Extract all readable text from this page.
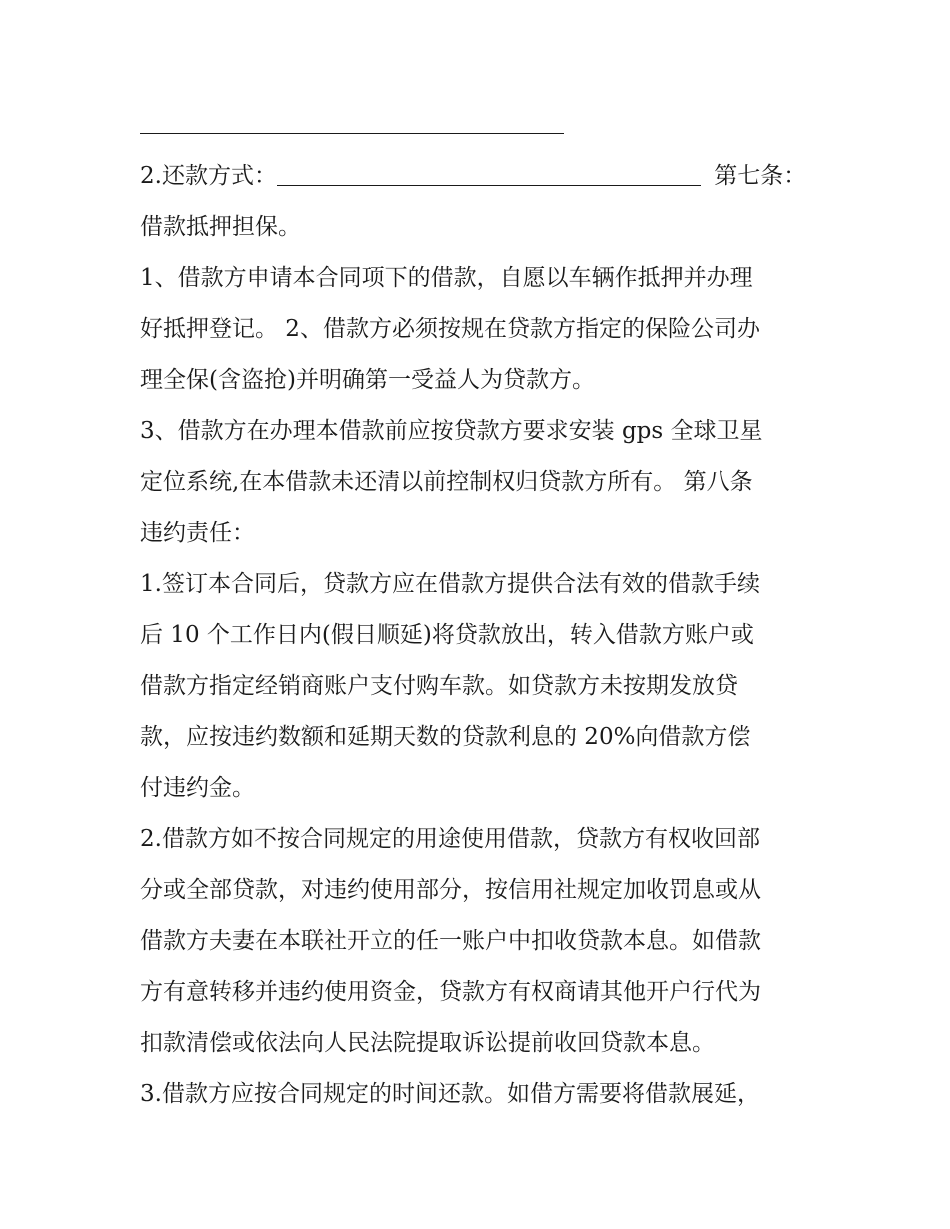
2.还款方式：	第七条：
借款抵押担保。
1、借款方申请本合同项下的借款，自愿以车辆作抵押并办理
好抵押登记。 2、借款方必须按规在贷款方指定的保险公司办
理全保(含盗抢)并明确第一受益人为贷款方。
3、借款方在办理本借款前应按贷款方要求安装 gps 全球卫星
定位系统,在本借款未还清以前控制权归贷款方所有。 第八条
违约责任：
1.签订本合同后，贷款方应在借款方提供合法有效的借款手续
后 10 个工作日内(假日顺延)将贷款放出，转入借款方账户或
借款方指定经销商账户支付购车款。如贷款方未按期发放贷
款，应按违约数额和延期天数的贷款利息的 20%向借款方偿
付违约金。
2.借款方如不按合同规定的用途使用借款，贷款方有权收回部
分或全部贷款，对违约使用部分，按信用社规定加收罚息或从
借款方夫妻在本联社开立的任一账户中扣收贷款本息。如借款
方有意转移并违约使用资金，贷款方有权商请其他开户行代为
扣款清偿或依法向人民法院提取诉讼提前收回贷款本息。
3.借款方应按合同规定的时间还款。如借方需要将借款展延，
